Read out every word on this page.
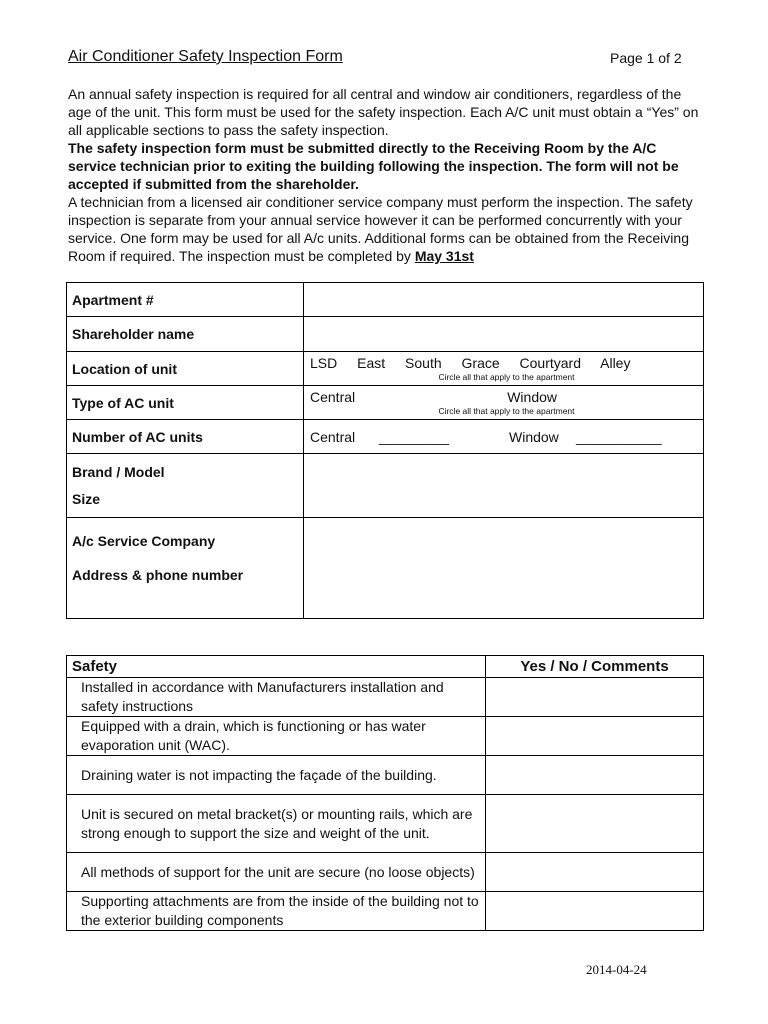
Air Conditioner Safety Inspection Form	Page 1 of 2

An annual safety inspection is required for all central and window air conditioners, regardless of the age of the unit. This form must be used for the safety inspection. Each A/C unit must obtain a “Yes” on all applicable sections to pass the safety inspection.

The safety inspection form must be submitted directly to the Receiving Room by the A/C service technician prior to exiting the building following the inspection. The form will not be accepted if submitted from the shareholder.

A technician from a licensed air conditioner service company must perform the inspection. The safety inspection is separate from your annual service however it can be performed concurrently with your service. One form may be used for all A/c units. Additional forms can be obtained from the Receiving Room if required. The inspection must be completed by May 31st

Apartment #	
Shareholder name	
Location of unit	LSD East South Grace Courtyard Alley
Circle all that apply to the apartment

Type of AC unit	Central Window
Circle all that apply to the apartment

Number of AC units	Central _________ Window ___________

Brand / Model
Size	

A/c Service Company
Address & phone number	

Safety	Yes / No / Comments
Installed in accordance with Manufacturers installation and safety instructions	
Equipped with a drain, which is functioning or has water evaporation unit (WAC).	
Draining water is not impacting the façade of the building.	
Unit is secured on metal bracket(s) or mounting rails, which are strong enough to support the size and weight of the unit.	
All methods of support for the unit are secure (no loose objects)	
Supporting attachments are from the inside of the building not to the exterior building components	
2014-04-24
